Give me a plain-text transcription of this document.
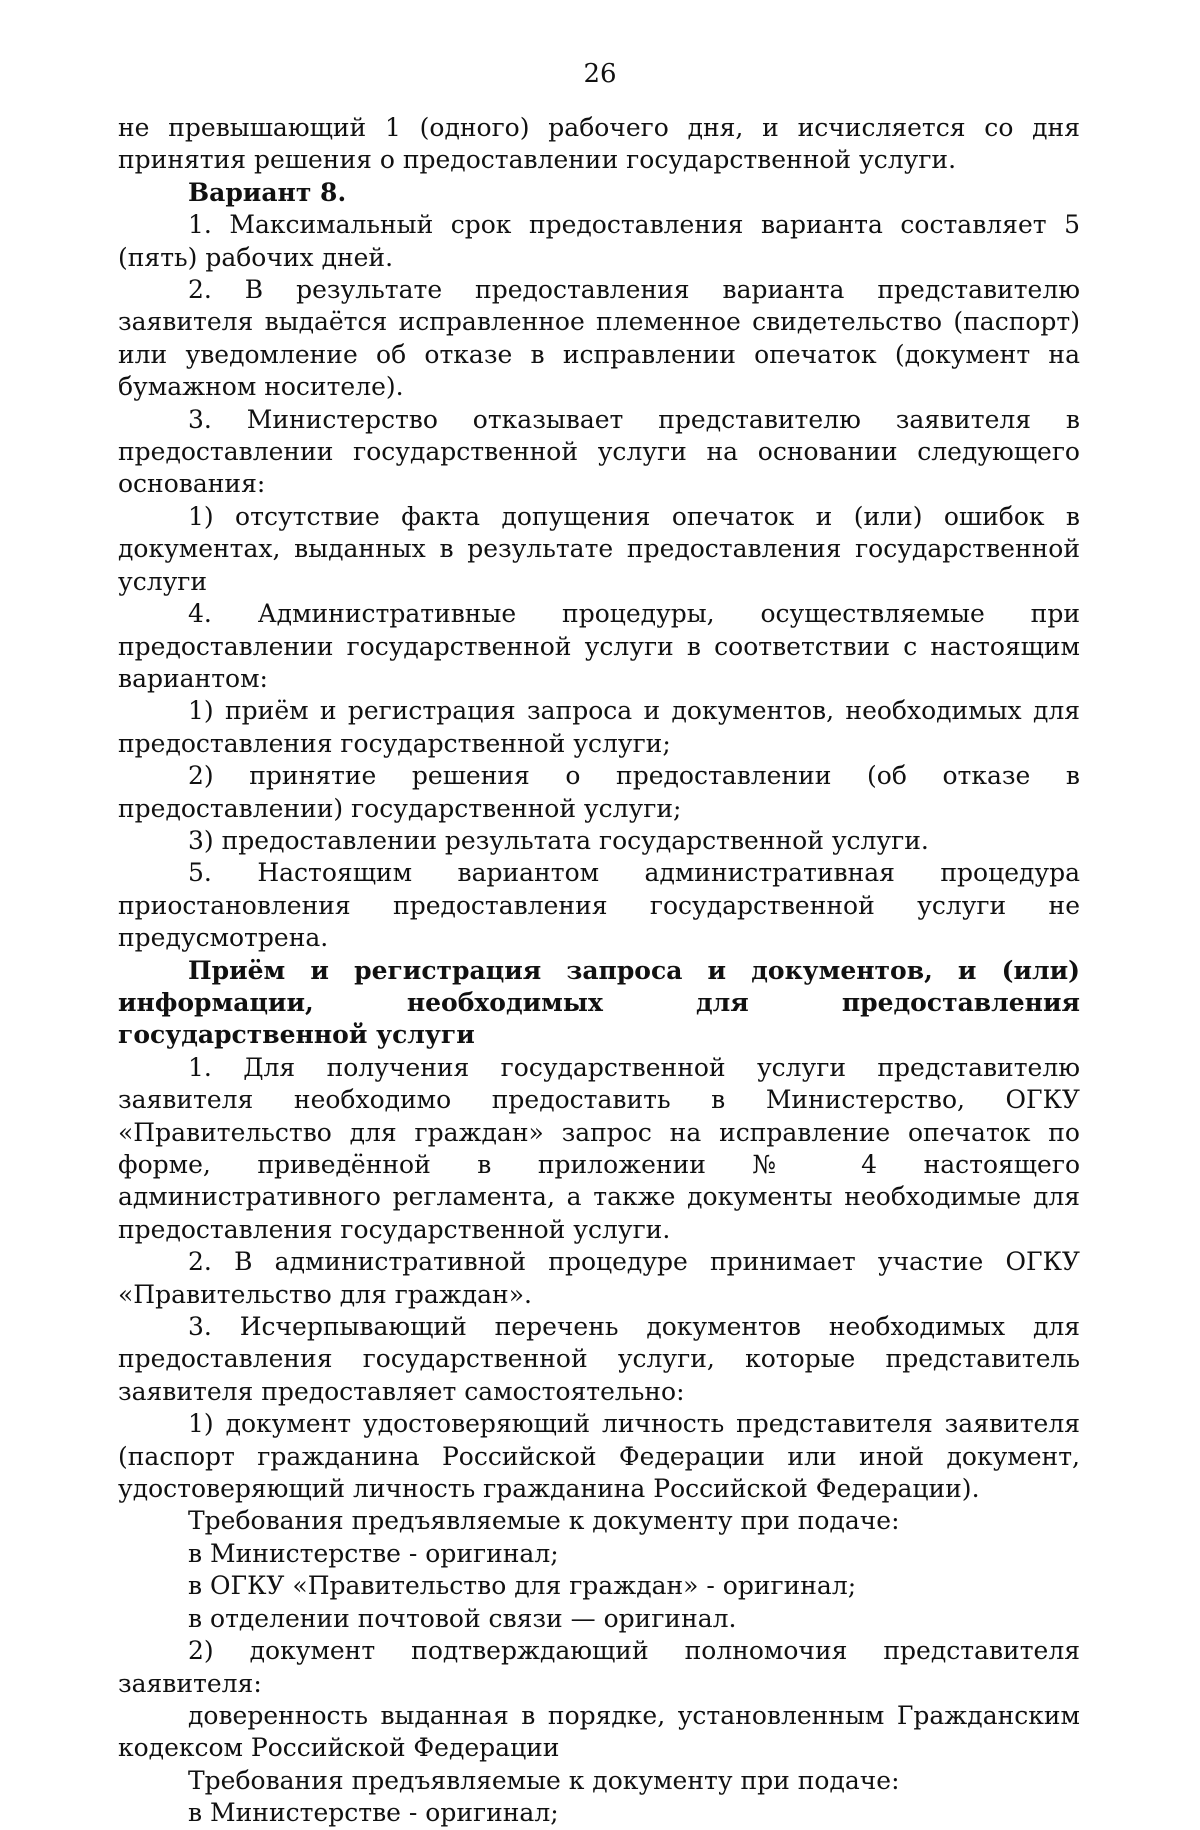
26

не превышающий 1 (одного) рабочего дня, и исчисляется со дня принятия решения о предоставлении государственной услуги.

Вариант 8.

1. Максимальный срок предоставления варианта составляет 5 (пять) рабочих дней.

2. В результате предоставления варианта представителю заявителя выдаётся исправленное племенное свидетельство (паспорт) или уведомление об отказе в исправлении опечаток (документ на бумажном носителе).

3. Министерство отказывает представителю заявителя в предоставлении государственной услуги на основании следующего основания:

1) отсутствие факта допущения опечаток и (или) ошибок в документах, выданных в результате предоставления государственной услуги

4. Административные процедуры, осуществляемые при предоставлении государственной услуги в соответствии с настоящим вариантом:

1) приём и регистрация запроса и документов, необходимых для предоставления государственной услуги;

2) принятие решения о предоставлении (об отказе в предоставлении) государственной услуги;

3) предоставлении результата государственной услуги.

5. Настоящим вариантом административная процедура приостановления предоставления государственной услуги не предусмотрена.

Приём и регистрация запроса и документов, и (или) информации, необходимых для предоставления государственной услуги

1. Для получения государственной услуги представителю заявителя необходимо предоставить в Министерство, ОГКУ «Правительство для граждан» запрос на исправление опечаток по форме, приведённой в приложении № 4 настоящего административного регламента, а также документы необходимые для предоставления государственной услуги.

2. В административной процедуре принимает участие ОГКУ «Правительство для граждан».

3. Исчерпывающий перечень документов необходимых для предоставления государственной услуги, которые представитель заявителя предоставляет самостоятельно:

1) документ удостоверяющий личность представителя заявителя (паспорт гражданина Российской Федерации или иной документ, удостоверяющий личность гражданина Российской Федерации).

Требования предъявляемые к документу при подаче:

в Министерстве - оригинал;

в ОГКУ «Правительство для граждан» - оригинал;

в отделении почтовой связи — оригинал.

2) документ подтверждающий полномочия представителя заявителя:

доверенность выданная в порядке, установленным Гражданским кодексом Российской Федерации

Требования предъявляемые к документу при подаче:

в Министерстве - оригинал;
